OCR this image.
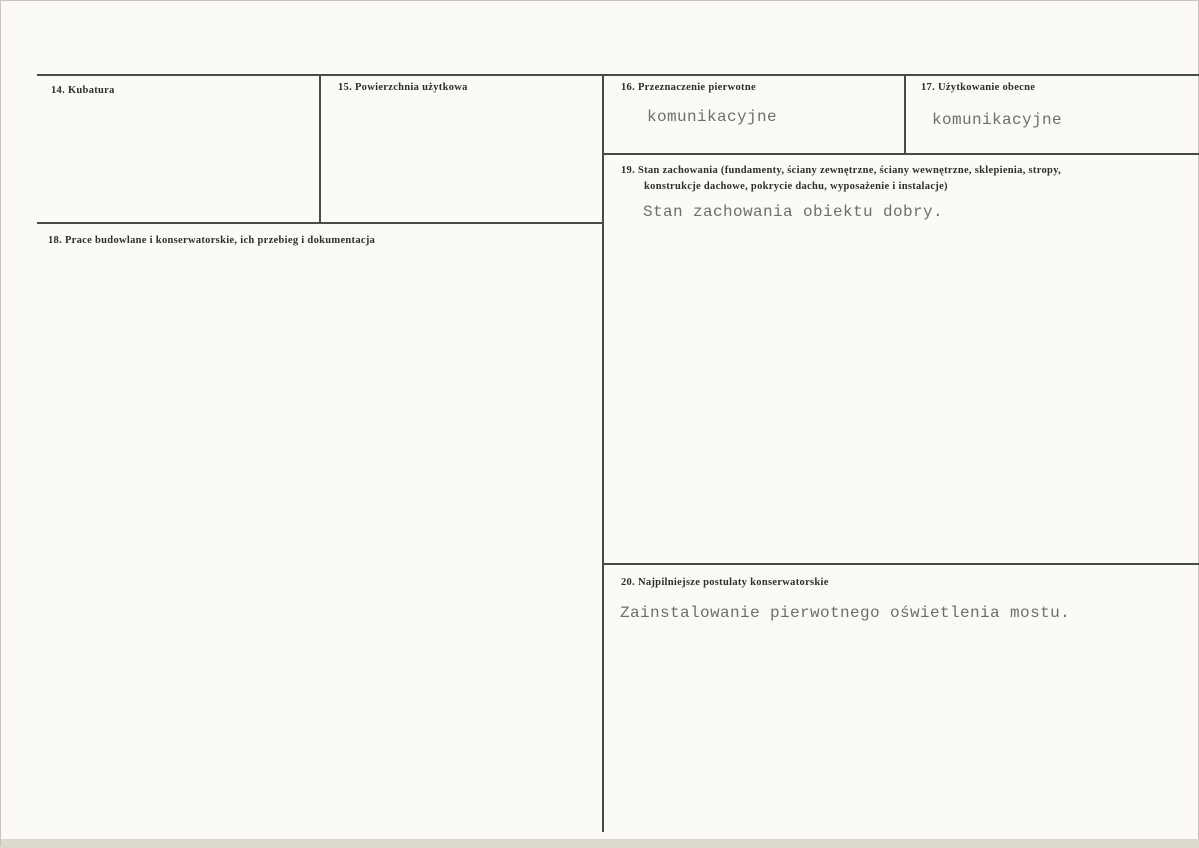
14. Kubatura	15. Powierzchnia użytkowa	16. Przeznaczenie pierwotne
komunikacyjne
17. Użytkowanie obecne
komunikacyjne
18. Prace budowlane i konserwatorskie, ich przebieg i dokumentacja
19. Stan zachowania (fundamenty, ściany zewnętrzne, ściany wewnętrzne, sklepienia, stropy,
konstrukcje dachowe, pokrycie dachu, wyposażenie i instalacje)
Stan zachowania obiektu dobry.
20. Najpilniejsze postulaty konserwatorskie
Zainstalowanie pierwotnego oświetlenia mostu.
